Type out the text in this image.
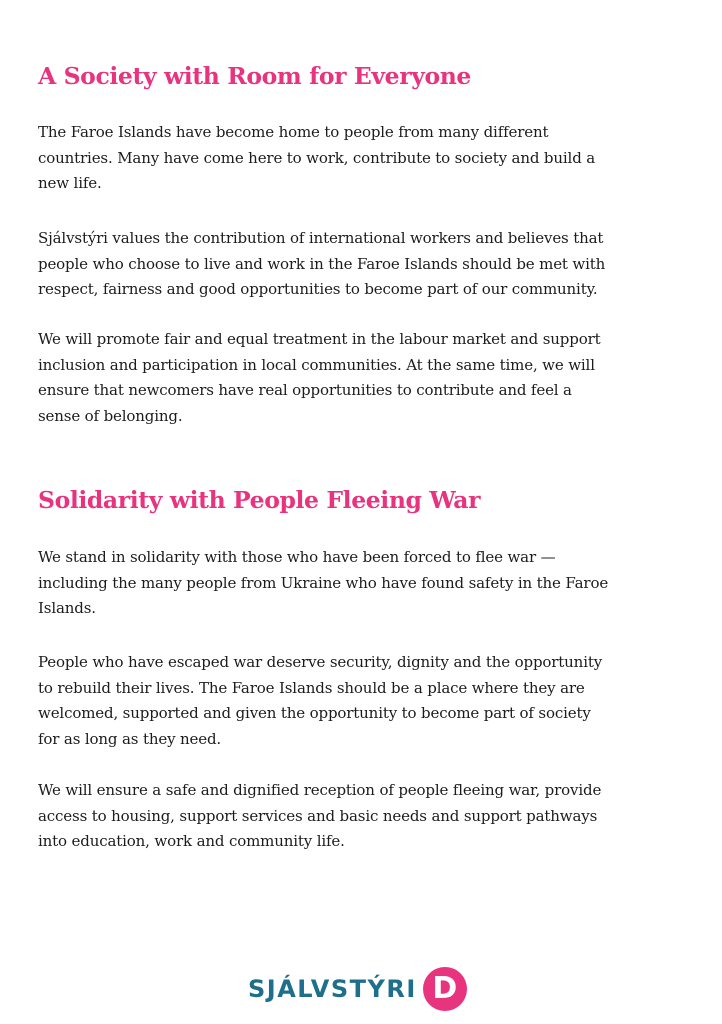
A Society with Room for Everyone

The Faroe Islands have become home to people from many different
countries. Many have come here to work, contribute to society and build a
new life.

Sjálvstýri values the contribution of international workers and believes that
people who choose to live and work in the Faroe Islands should be met with
respect, fairness and good opportunities to become part of our community.

We will promote fair and equal treatment in the labour market and support
inclusion and participation in local communities. At the same time, we will
ensure that newcomers have real opportunities to contribute and feel a
sense of belonging.

Solidarity with People Fleeing War

We stand in solidarity with those who have been forced to flee war —
including the many people from Ukraine who have found safety in the Faroe
Islands.

People who have escaped war deserve security, dignity and the opportunity
to rebuild their lives. The Faroe Islands should be a place where they are
welcomed, supported and given the opportunity to become part of society
for as long as they need.

We will ensure a safe and dignified reception of people fleeing war, provide
access to housing, support services and basic needs and support pathways
into education, work and community life.

SJÁLVSTÝRI D
